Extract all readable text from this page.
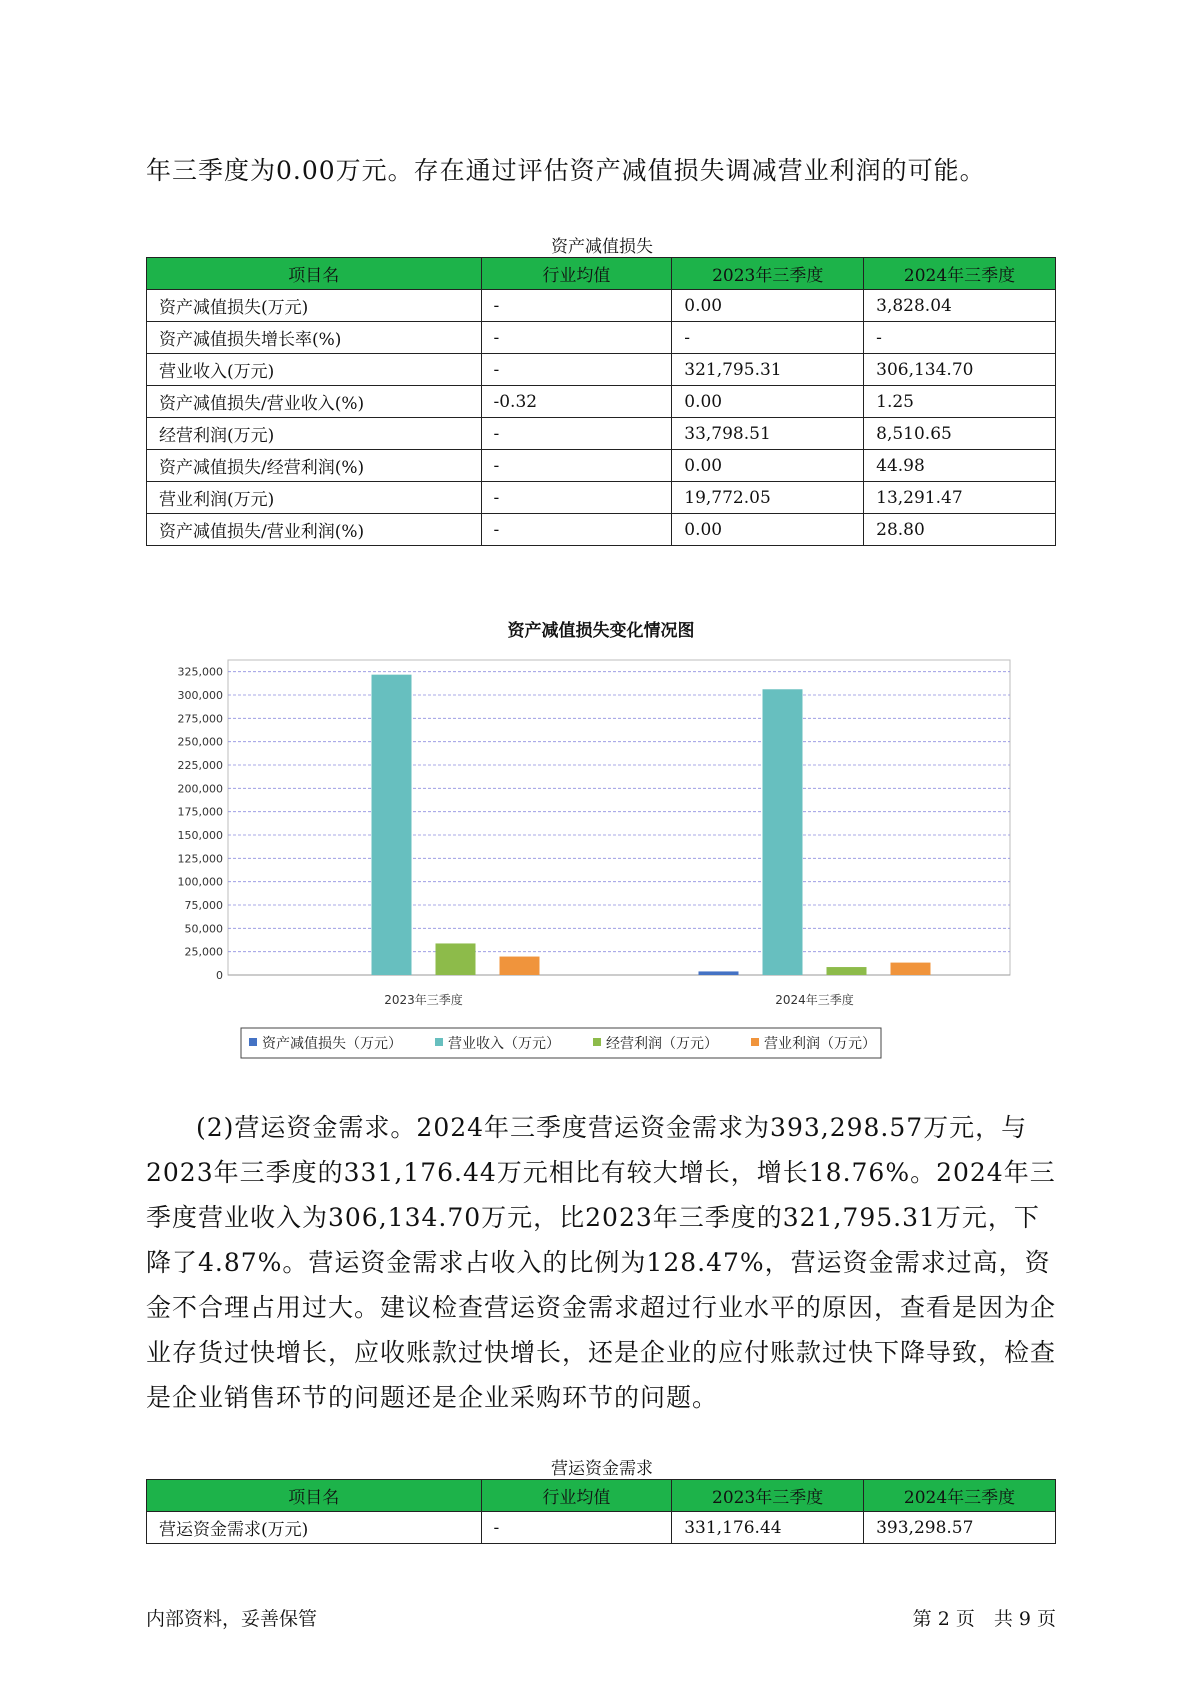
年三季度为0.00万元。存在通过评估资产减值损失调减营业利润的可能。

资产减值损失
项目名	行业均值	2023年三季度	2024年三季度
资产减值损失(万元)	-	0.00	3,828.04
资产减值损失增长率(%)	-	-	-
营业收入(万元)	-	321,795.31	306,134.70
资产减值损失/营业收入(%)	-0.32	0.00	1.25
经营利润(万元)	-	33,798.51	8,510.65
资产减值损失/经营利润(%)	-	0.00	44.98
营业利润(万元)	-	19,772.05	13,291.47
资产减值损失/营业利润(%)	-	0.00	28.80
资产减值损失变化情况图
0
25,000
50,000
75,000
100,000
125,000
150,000
175,000
200,000
225,000
250,000
275,000
300,000
325,000
2023年三季度	2024年三季度
资产减值损失（万元）	营业收入（万元）	经营利润（万元）	营业利润（万元）

(2)营运资金需求。2024年三季度营运资金需求为393,298.57万元，与2023年三季度的331,176.44万元相比有较大增长，增长18.76%。2024年三季度营业收入为306,134.70万元，比2023年三季度的321,795.31万元，下降了4.87%。营运资金需求占收入的比例为128.47%，营运资金需求过高，资金不合理占用过大。建议检查营运资金需求超过行业水平的原因，查看是因为企业存货过快增长，应收账款过快增长，还是企业的应付账款过快下降导致，检查是企业销售环节的问题还是企业采购环节的问题。

营运资金需求
项目名	行业均值	2023年三季度	2024年三季度
营运资金需求(万元)	-	331,176.44	393,298.57
内部资料，妥善保管	第 2 页　共 9 页
